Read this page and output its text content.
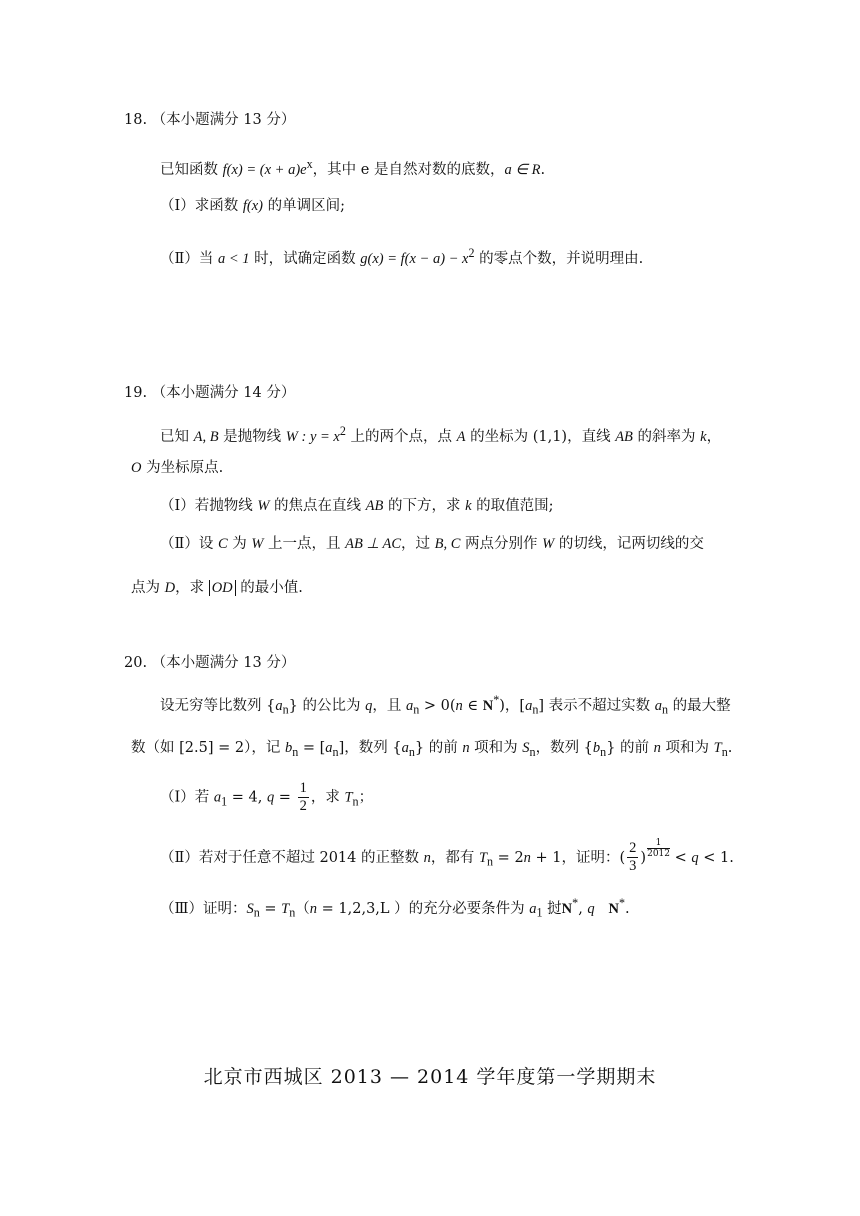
18. （本小题满分 13 分）
已知函数 $f(x) = (x + a)e^x$，其中 e 是自然对数的底数，a ∈ R.
（Ⅰ）求函数 f(x) 的单调区间;
（Ⅱ）当 a < 1 时，试确定函数 $g(x) = f(x - a) - x^2$ 的零点个数，并说明理由.
19. （本小题满分 14 分）
已知 A, B 是抛物线 W : $y = x^2$ 上的两个点，点 A 的坐标为 (1,1)，直线 AB 的斜率为 k，
O 为坐标原点.
（Ⅰ）若抛物线 W 的焦点在直线 AB 的下方，求 k 的取值范围;
（Ⅱ）设 C 为 W 上一点，且 AB ⊥ AC，过 B, C 两点分别作 W 的切线，记两切线的交
点为 D，求 OD 的最小值.
20. （本小题满分 13 分）
设无穷等比数列 $\{a_n\}$ 的公比为 q，且 $a_n > 0(n$ ∈ N*)，$[a_n]$ 表示不超过实数 $a_n$ 的最大整
数（如 [2.5] = 2），记 $b_n = [a_n]$，数列 $\{a_n\}$ 的前 n 项和为 $S_n$，数列 $\{b_n\}$ 的前 n 项和为 $T_n$.
（Ⅰ）若 $a_1 = 4$, $q = \frac{1}{2}$ ，求 $T_n$；
（Ⅱ）若对于任意不超过 2014 的正整数 n，都有 $T_n = 2n + 1$，证明：( $\frac{2}{3}$ ) $\frac{1}{2012} < q < 1$.
（Ⅲ）证明：$S_n = T_n(n = 1,2,3,L$ ）的充分必要条件为 $a_1$ 挝N*, q N*.
北京市西城区 2013 — 2014 学年度第一学期期末
